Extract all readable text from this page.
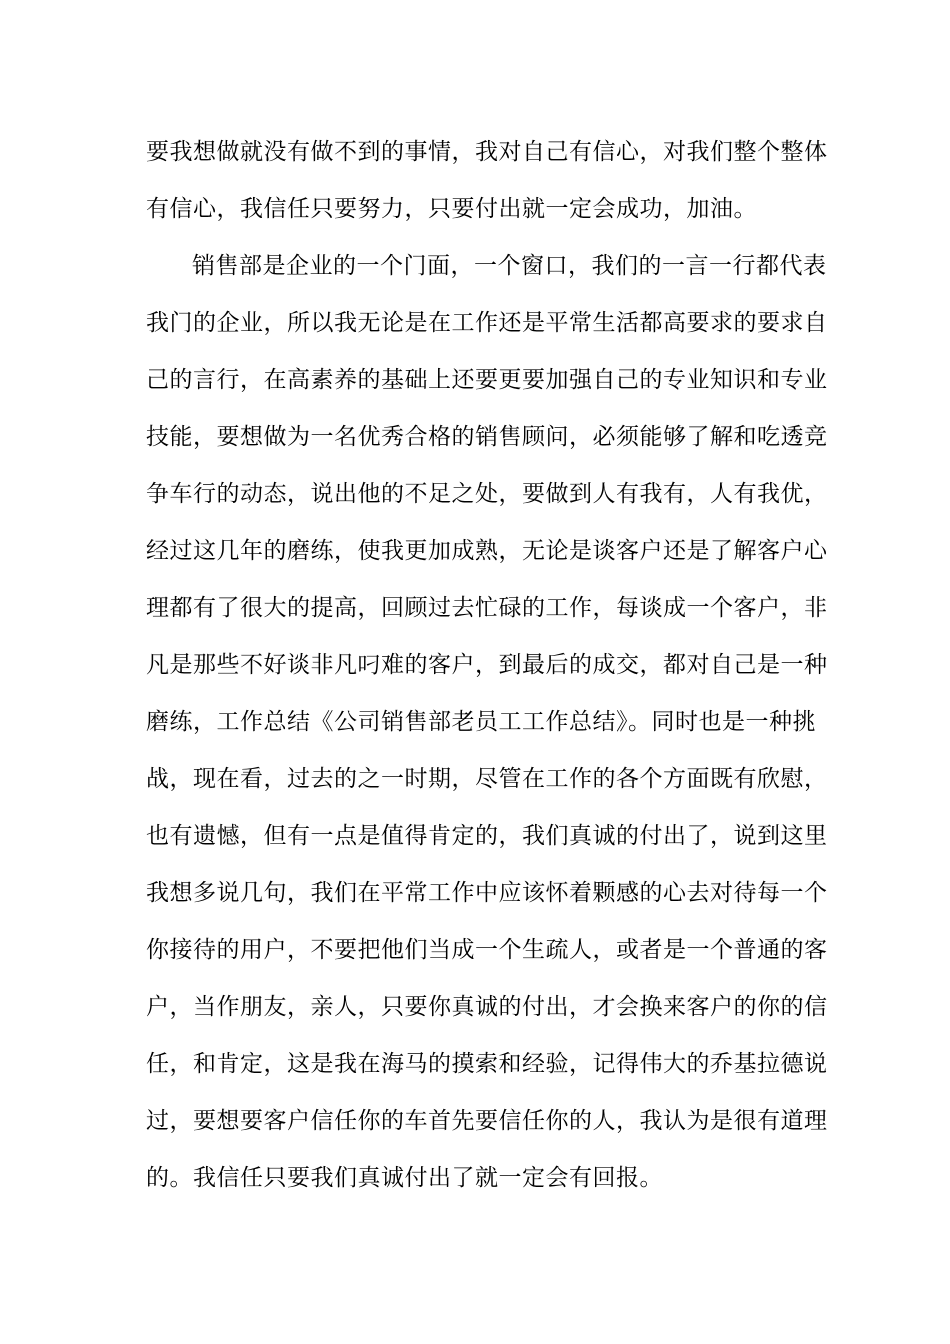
要我想做就没有做不到的事情，我对自己有信心，对我们整个整体
有信心，我信任只要努力，只要付出就一定会成功，加油。
销售部是企业的一个门面，一个窗口，我们的一言一行都代表
我门的企业，所以我无论是在工作还是平常生活都高要求的要求自
己的言行，在高素养的基础上还要更要加强自己的专业知识和专业
技能，要想做为一名优秀合格的销售顾问，必须能够了解和吃透竞
争车行的动态，说出他的不足之处，要做到人有我有，人有我优，
经过这几年的磨练，使我更加成熟，无论是谈客户还是了解客户心
理都有了很大的提高，回顾过去忙碌的工作，每谈成一个客户，非
凡是那些不好谈非凡叼难的客户，到最后的成交，都对自己是一种
磨练，工作总结《公司销售部老员工工作总结》。同时也是一种挑
战，现在看，过去的之一时期，尽管在工作的各个方面既有欣慰，
也有遗憾，但有一点是值得肯定的，我们真诚的付出了，说到这里
我想多说几句，我们在平常工作中应该怀着颗感的心去对待每一个
你接待的用户，不要把他们当成一个生疏人，或者是一个普通的客
户，当作朋友，亲人，只要你真诚的付出，才会换来客户的你的信
任，和肯定，这是我在海马的摸索和经验，记得伟大的乔基拉德说
过，要想要客户信任你的车首先要信任你的人，我认为是很有道理
的。我信任只要我们真诚付出了就一定会有回报。
